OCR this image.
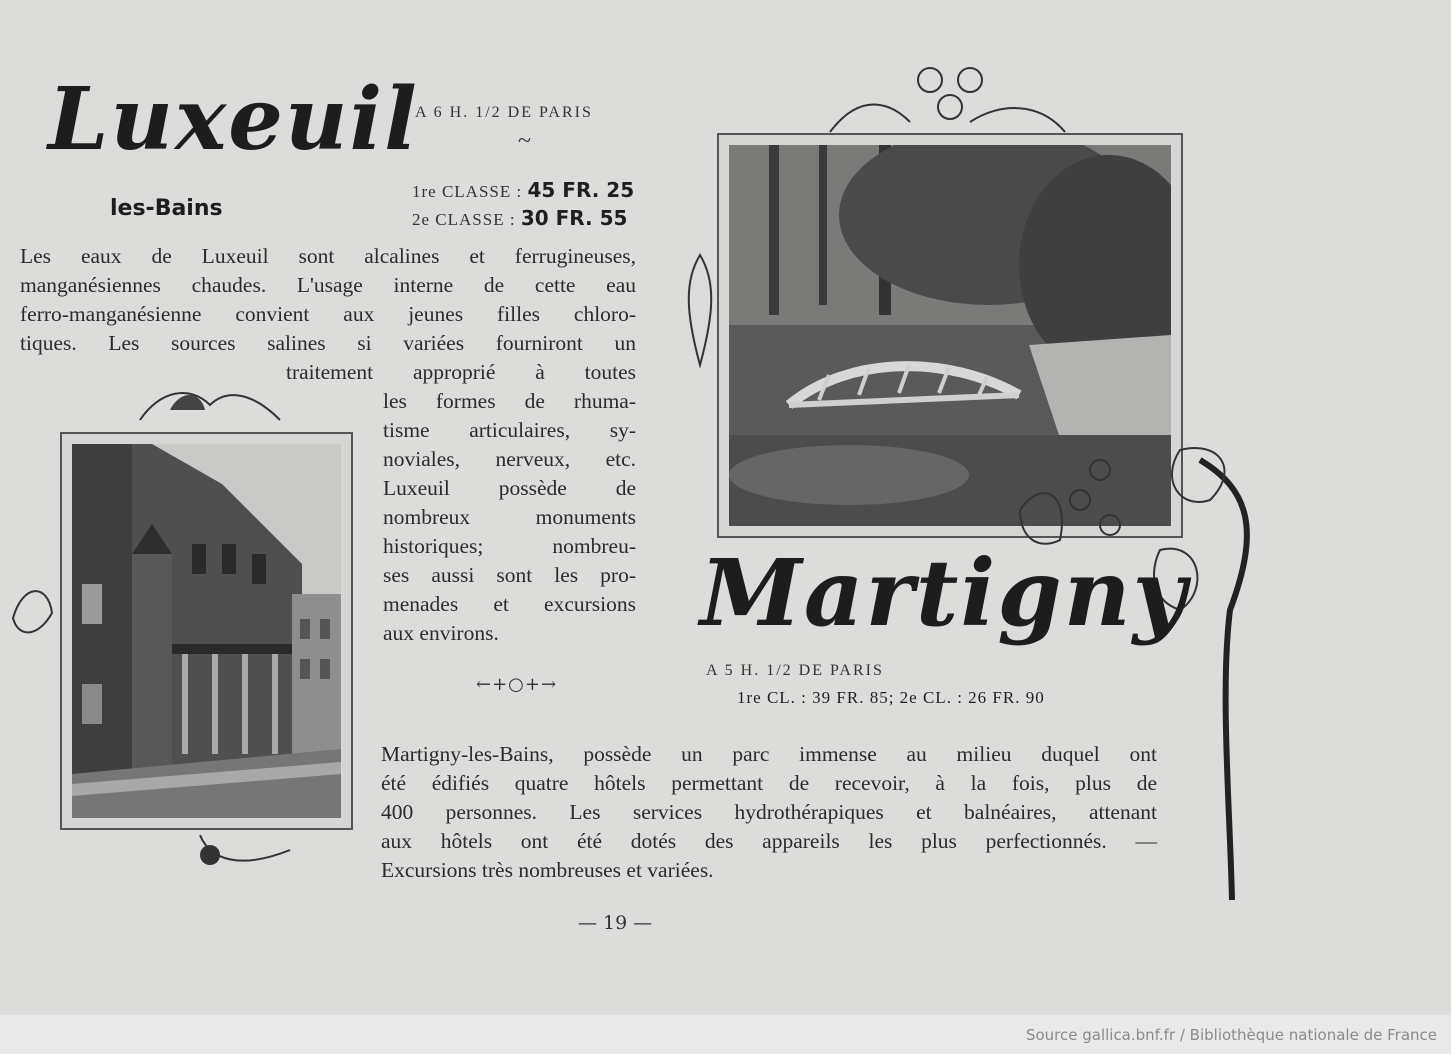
Luxeuil
les-Bains
A 6 H. 1/2 DE PARIS
~
1re CLASSE : 45 FR. 25
2e CLASSE : 30 FR. 55
Les eaux de Luxeuil sont alcalines et ferrugineuses,
manganésiennes chaudes. L'usage interne de cette eau
ferro-manganésienne convient aux jeunes filles chloro-
tiques. Les sources salines si variées fourniront un
traitement approprié à toutes
les formes de rhuma-
tisme articulaires, sy-
noviales, nerveux, etc.
Luxeuil possède de
nombreux monuments
historiques; nombreu-
ses aussi sont les pro-
menades et excursions
aux environs.
←+○+→
Martigny
A 5 H. 1/2 DE PARIS
1re CL. : 39 FR. 85; 2e CL. : 26 FR. 90
Martigny-les-Bains, possède un parc immense au milieu duquel ont
été édifiés quatre hôtels permettant de recevoir, à la fois, plus de
400 personnes. Les services hydrothérapiques et balnéaires, attenant
aux hôtels ont été dotés des appareils les plus perfectionnés. —
Excursions très nombreuses et variées.
— 19 —
Source gallica.bnf.fr / Bibliothèque nationale de France
